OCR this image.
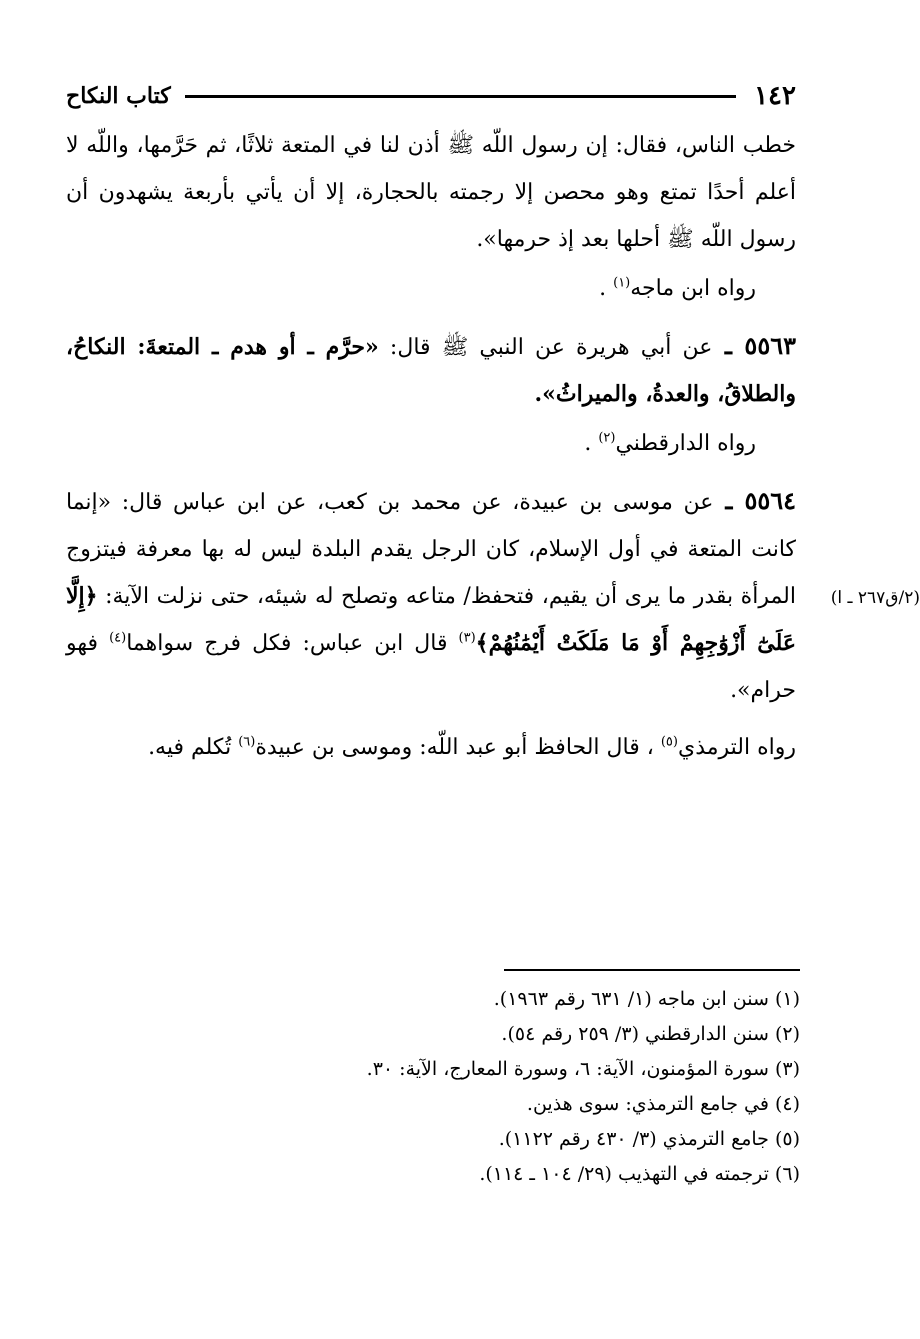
١٤٢
كتاب النكاح

خطب الناس، فقال: إن رسول اللّه ﷺ أذن لنا في المتعة ثلاثًا، ثم حَرَّمها، واللّه لا أعلم أحدًا تمتع وهو محصن إلا رجمته بالحجارة، إلا أن يأتي بأربعة يشهدون أن رسول اللّه ﷺ أحلها بعد إذ حرمها».

رواه ابن ماجه$^{(١)}$ .

٥٥٦٣ ـ عن أبي هريرة عن النبي ﷺ قال: «حرَّم ـ أو هدم ـ المتعةَ: النكاحُ، والطلاقُ، والعدةُ، والميراثُ».

رواه الدارقطني$^{(٢)}$ .

٥٥٦٤ ـ عن موسى بن عبيدة، عن محمد بن كعب، عن ابن عباس قال: «إنما كانت المتعة في أول الإسلام، كان الرجل يقدم البلدة ليس له بها معرفة فيتزوج المرأة بقدر ما يرى أن يقيم، فتحفظ/ متاعه وتصلح له شيئه، حتى نزلت الآية: ﴿إِلَّا عَلَىٰٓ أَزْوَٰجِهِمْ أَوْ مَا مَلَكَتْ أَيْمَٰنُهُمْ﴾$^{(٣)}$ قال ابن عباس: فكل فرج سواهما$^{(٤)}$ فهو حرام».

رواه الترمذي$^{(٥)}$ ، قال الحافظ أبو عبد اللّه: وموسى بن عبيدة$^{(٦)}$ تُكلم فيه.

(٢/ق٢٦٧ ـ ا)

(١) سنن ابن ماجه (١/ ٦٣١ رقم ١٩٦٣).

(٢) سنن الدارقطني (٣/ ٢٥٩ رقم ٥٤).

(٣) سورة المؤمنون، الآية: ٦، وسورة المعارج، الآية: ٣٠.

(٤) في جامع الترمذي: سوى هذين.

(٥) جامع الترمذي (٣/ ٤٣٠ رقم ١١٢٢).

(٦) ترجمته في التهذيب (٢٩/ ١٠٤ ـ ١١٤).
